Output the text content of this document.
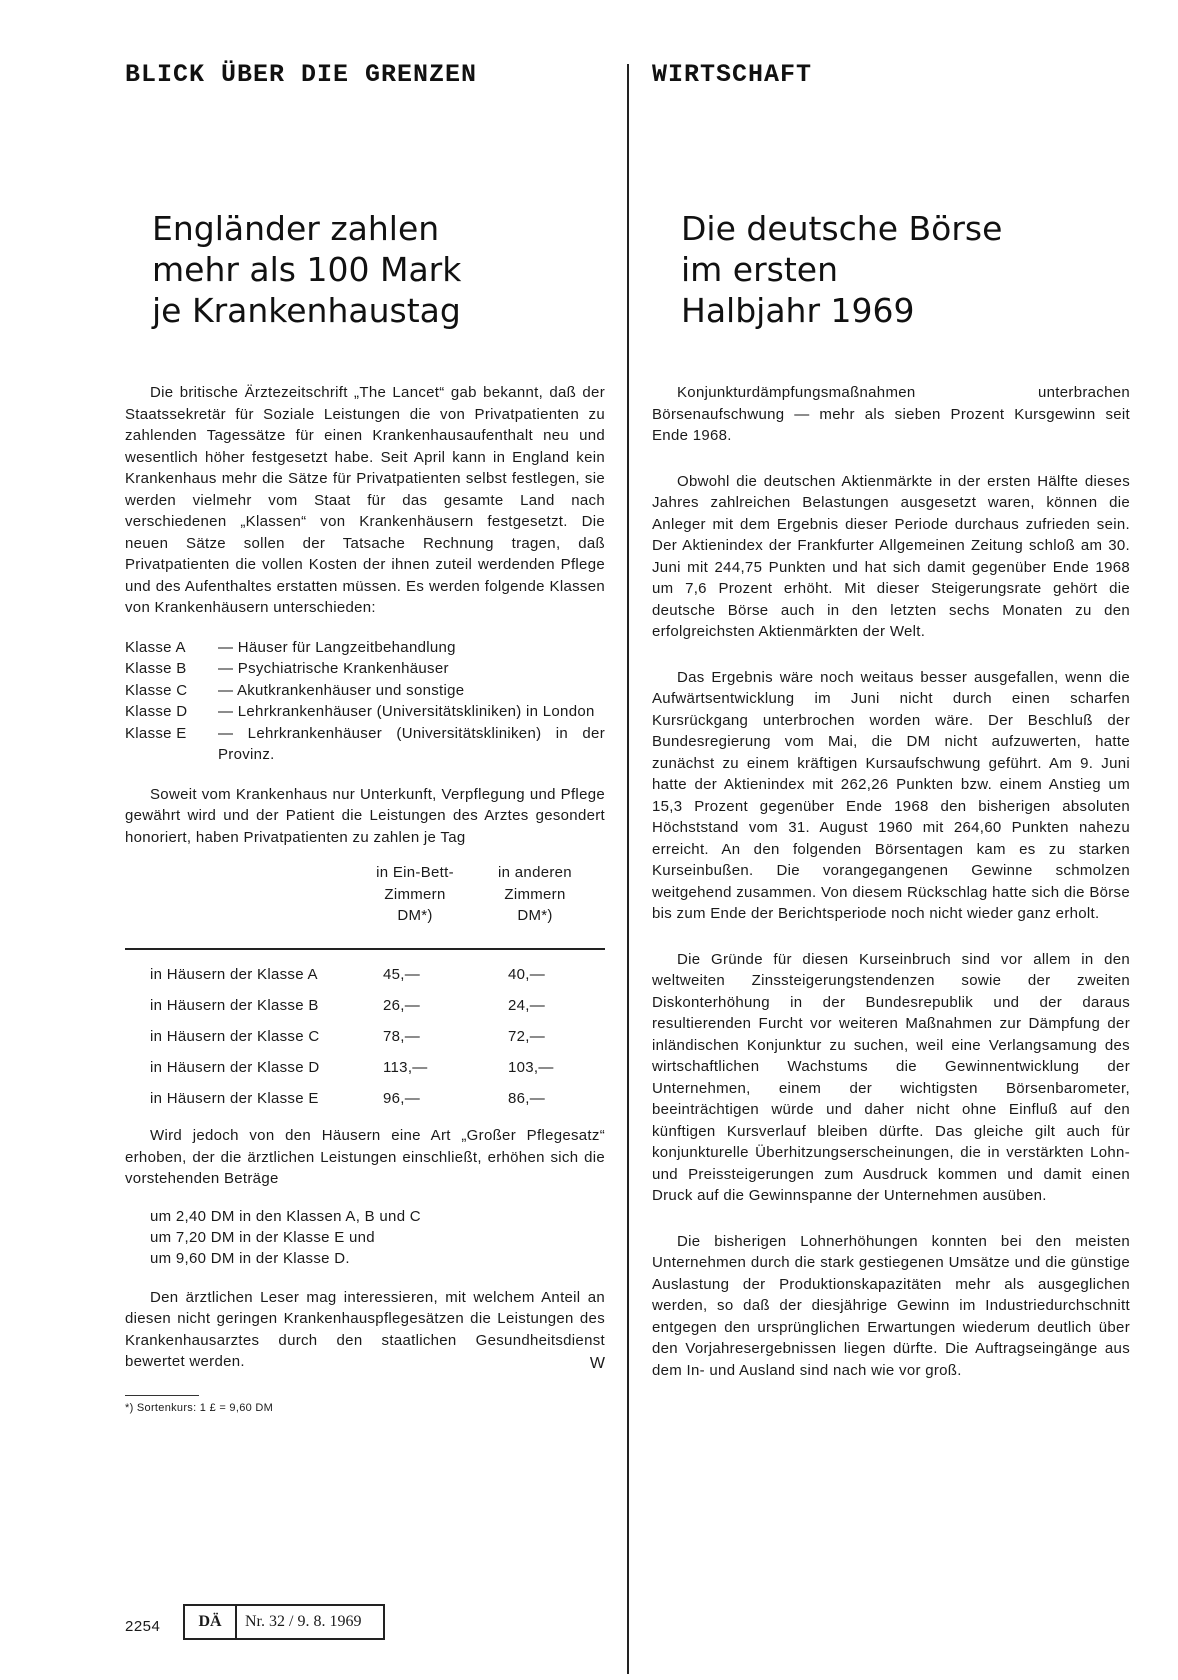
BLICK ÜBER DIE GRENZEN
Engländer zahlen
mehr als 100 Mark
je Krankenhaustag

Die britische Ärztezeitschrift „The Lancet“ gab bekannt, daß der Staatssekretär für Soziale Leistungen die von Privatpatienten zu zahlenden Tagessätze für einen Krankenhausaufenthalt neu und wesentlich höher festgesetzt habe. Seit April kann in England kein Krankenhaus mehr die Sätze für Privatpatienten selbst festlegen, sie werden vielmehr vom Staat für das gesamte Land nach verschiedenen „Klassen“ von Krankenhäusern festgesetzt. Die neuen Sätze sollen der Tatsache Rechnung tragen, daß Privatpatienten die vollen Kosten der ihnen zuteil werdenden Pflege und des Aufenthaltes erstatten müssen. Es werden folgende Klassen von Krankenhäusern unterschieden:

Klasse A	— Häuser für Langzeitbehandlung
Klasse B	— Psychiatrische Krankenhäuser
Klasse C	— Akutkrankenhäuser und sonstige
Klasse D	— Lehrkrankenhäuser (Universitätskliniken) in London
Klasse E	— Lehrkrankenhäuser (Universitätskliniken) in der Provinz.

Soweit vom Krankenhaus nur Unterkunft, Verpflegung und Pflege gewährt wird und der Patient die Leistungen des Arztes gesondert honoriert, haben Privatpatienten zu zahlen je Tag

in Ein-Bett- Zimmern DM*)
in anderen Zimmern DM*)
in Häusern der Klasse A	45,—	40,—
in Häusern der Klasse B	26,—	24,—
in Häusern der Klasse C	78,—	72,—
in Häusern der Klasse D	113,—	103,—
in Häusern der Klasse E	96,—	86,—

Wird jedoch von den Häusern eine Art „Großer Pflegesatz“ erhoben, der die ärztlichen Leistungen einschließt, erhöhen sich die vorstehenden Beträge

um 2,40 DM in den Klassen A, B und C
um 7,20 DM in der Klasse E und
um 9,60 DM in der Klasse D.

Den ärztlichen Leser mag interessieren, mit welchem Anteil an diesen nicht geringen Krankenhauspflegesätzen die Leistungen des Krankenhausarztes durch den staatlichen Gesundheitsdienst bewertet werden.	W
*) Sortenkurs: 1 £ = 9,60 DM
WIRTSCHAFT
Die deutsche Börse
im ersten
Halbjahr 1969

Konjunkturdämpfungsmaßnahmen unterbrachen Börsenaufschwung — mehr als sieben Prozent Kursgewinn seit Ende 1968.

Obwohl die deutschen Aktienmärkte in der ersten Hälfte dieses Jahres zahlreichen Belastungen ausgesetzt waren, können die Anleger mit dem Ergebnis dieser Periode durchaus zufrieden sein. Der Aktienindex der Frankfurter Allgemeinen Zeitung schloß am 30. Juni mit 244,75 Punkten und hat sich damit gegenüber Ende 1968 um 7,6 Prozent erhöht. Mit dieser Steigerungsrate gehört die deutsche Börse auch in den letzten sechs Monaten zu den erfolgreichsten Aktienmärkten der Welt.

Das Ergebnis wäre noch weitaus besser ausgefallen, wenn die Aufwärtsentwicklung im Juni nicht durch einen scharfen Kursrückgang unterbrochen worden wäre. Der Beschluß der Bundesregierung vom Mai, die DM nicht aufzuwerten, hatte zunächst zu einem kräftigen Kursaufschwung geführt. Am 9. Juni hatte der Aktienindex mit 262,26 Punkten bzw. einem Anstieg um 15,3 Prozent gegenüber Ende 1968 den bisherigen absoluten Höchststand vom 31. August 1960 mit 264,60 Punkten nahezu erreicht. An den folgenden Börsentagen kam es zu starken Kurseinbußen. Die vorangegangenen Gewinne schmolzen weitgehend zusammen. Von diesem Rückschlag hatte sich die Börse bis zum Ende der Berichtsperiode noch nicht wieder ganz erholt.

Die Gründe für diesen Kurseinbruch sind vor allem in den weltweiten Zinssteigerungstendenzen sowie der zweiten Diskonterhöhung in der Bundesrepublik und der daraus resultierenden Furcht vor weiteren Maßnahmen zur Dämpfung der inländischen Konjunktur zu suchen, weil eine Verlangsamung des wirtschaftlichen Wachstums die Gewinnentwicklung der Unternehmen, einem der wichtigsten Börsenbarometer, beeinträchtigen würde und daher nicht ohne Einfluß auf den künftigen Kursverlauf bleiben dürfte. Das gleiche gilt auch für konjunkturelle Überhitzungserscheinungen, die in verstärkten Lohn- und Preissteigerungen zum Ausdruck kommen und damit einen Druck auf die Gewinnspanne der Unternehmen ausüben.

Die bisherigen Lohnerhöhungen konnten bei den meisten Unternehmen durch die stark gestiegenen Umsätze und die günstige Auslastung der Produktionskapazitäten mehr als ausgeglichen werden, so daß der diesjährige Gewinn im Industriedurchschnitt entgegen den ursprünglichen Erwartungen wiederum deutlich über den Vorjahresergebnissen liegen dürfte. Die Auftragseingänge aus dem In- und Ausland sind nach wie vor groß.

2254	DÄ	Nr. 32 / 9. 8. 1969
